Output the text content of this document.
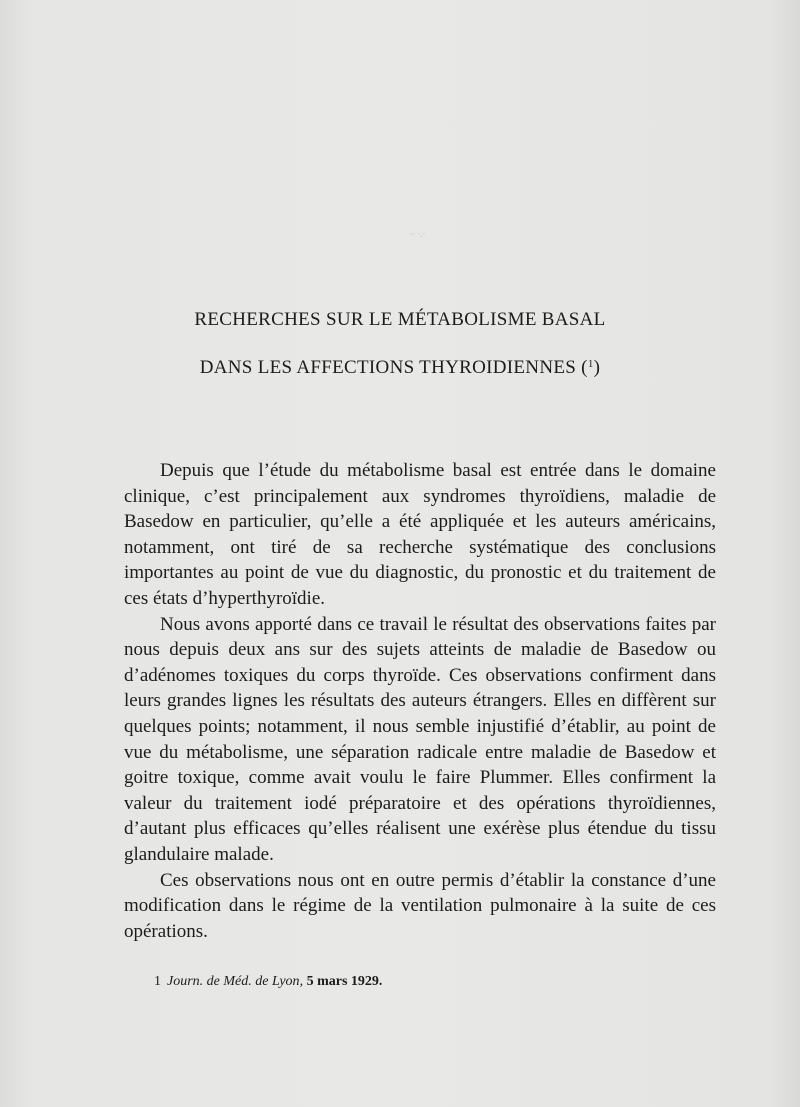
·· ·.·
RECHERCHES SUR LE MÉTABOLISME BASAL
DANS LES AFFECTIONS THYROIDIENNES ($^1$)

Depuis que l’étude du métabolisme basal est entrée dans le domaine clinique, c’est principalement aux syndromes thyroïdiens, maladie de Basedow en particulier, qu’elle a été appliquée et les auteurs américains, notamment, ont tiré de sa recherche systématique des conclusions importantes au point de vue du diagnostic, du pronostic et du traitement de ces états d’hyperthyroïdie.

Nous avons apporté dans ce travail le résultat des observations faites par nous depuis deux ans sur des sujets atteints de maladie de Basedow ou d’adénomes toxiques du corps thyroïde. Ces observations confirment dans leurs grandes lignes les résultats des auteurs étrangers. Elles en diffèrent sur quelques points; notamment, il nous semble injustifié d’établir, au point de vue du métabolisme, une séparation radicale entre maladie de Basedow et goitre toxique, comme avait voulu le faire Plummer. Elles confirment la valeur du traitement iodé préparatoire et des opérations thyroïdiennes, d’autant plus efficaces qu’elles réalisent une exérèse plus étendue du tissu glandulaire malade.

Ces observations nous ont en outre permis d’établir la constance d’une modification dans le régime de la ventilation pulmonaire à la suite de ces opérations.

1 Journ. de Méd. de Lyon, 5 mars 1929.
